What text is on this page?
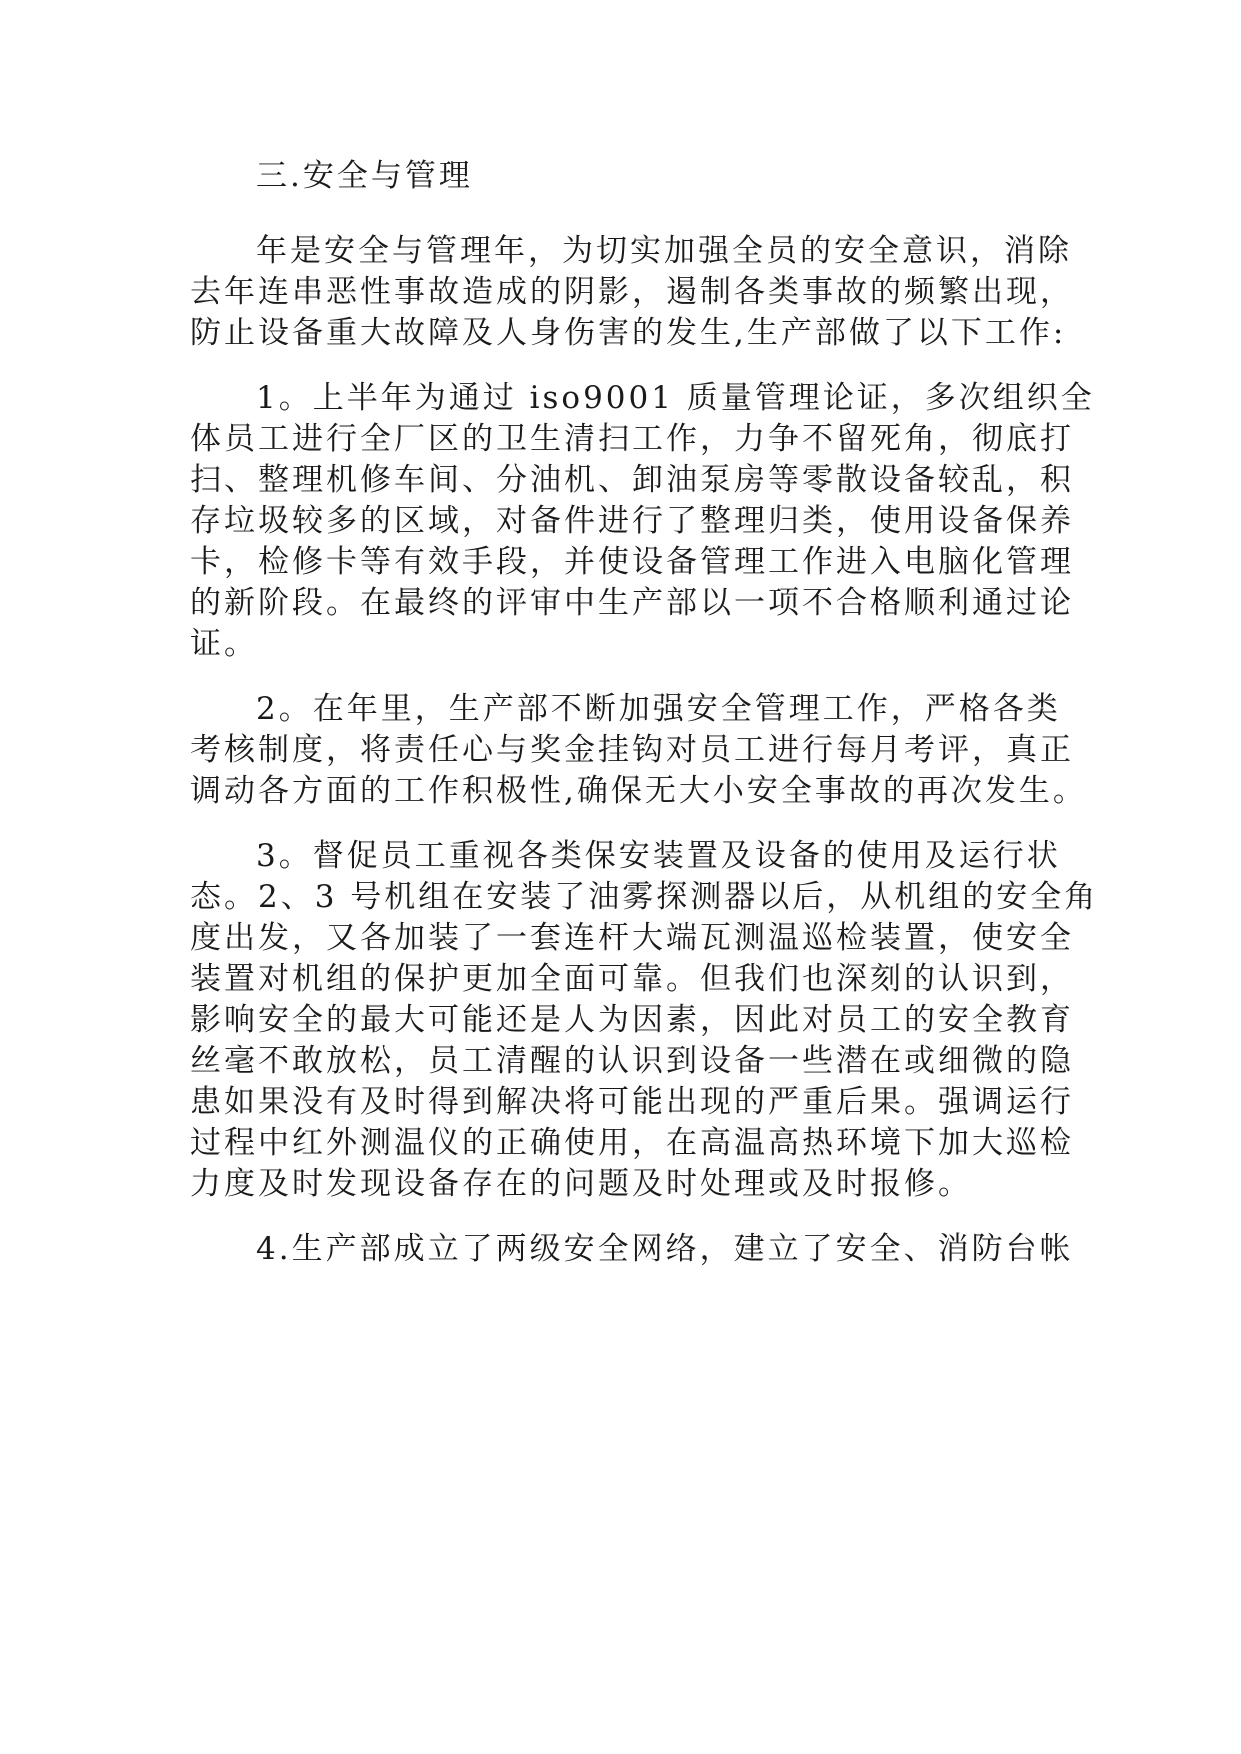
三.安全与管理

年是安全与管理年，为切实加强全员的安全意识，消除

去年连串恶性事故造成的阴影，遏制各类事故的频繁出现，

防止设备重大故障及人身伤害的发生,生产部做了以下工作:

1。上半年为通过 iso9001 质量管理论证，多次组织全

体员工进行全厂区的卫生清扫工作，力争不留死角，彻底打

扫、整理机修车间、分油机、卸油泵房等零散设备较乱，积

存垃圾较多的区域，对备件进行了整理归类，使用设备保养

卡，检修卡等有效手段，并使设备管理工作进入电脑化管理

的新阶段。在最终的评审中生产部以一项不合格顺利通过论

证。

2。在年里，生产部不断加强安全管理工作，严格各类

考核制度，将责任心与奖金挂钩对员工进行每月考评，真正

调动各方面的工作积极性,确保无大小安全事故的再次发生。

3。督促员工重视各类保安装置及设备的使用及运行状

态。2、3 号机组在安装了油雾探测器以后，从机组的安全角

度出发，又各加装了一套连杆大端瓦测温巡检装置，使安全

装置对机组的保护更加全面可靠。但我们也深刻的认识到，

影响安全的最大可能还是人为因素，因此对员工的安全教育

丝毫不敢放松，员工清醒的认识到设备一些潜在或细微的隐

患如果没有及时得到解决将可能出现的严重后果。强调运行

过程中红外测温仪的正确使用，在高温高热环境下加大巡检

力度及时发现设备存在的问题及时处理或及时报修。

4.生产部成立了两级安全网络，建立了安全、消防台帐
